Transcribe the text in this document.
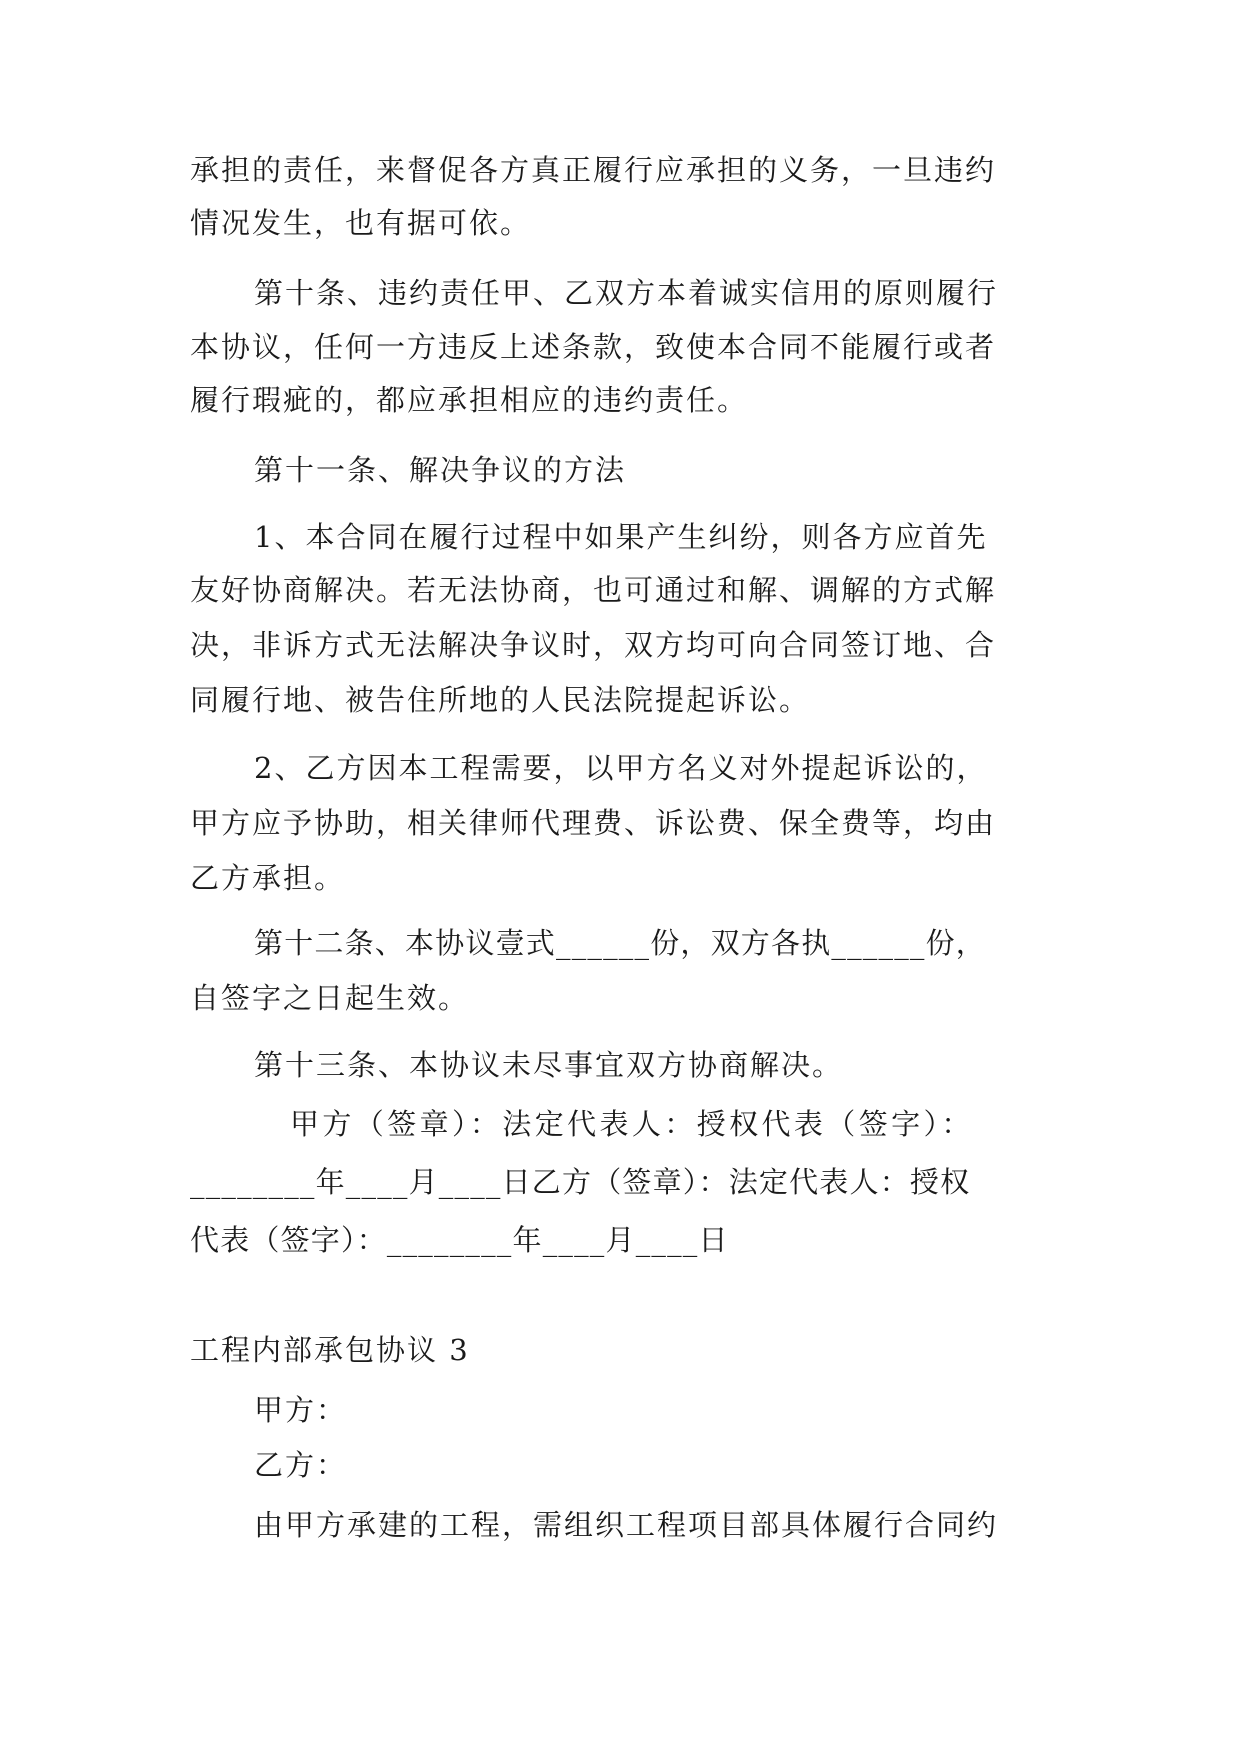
承担的责任，来督促各方真正履行应承担的义务，一旦违约
情况发生，也有据可依。
第十条、违约责任甲、乙双方本着诚实信用的原则履行
本协议，任何一方违反上述条款，致使本合同不能履行或者
履行瑕疵的，都应承担相应的违约责任。
第十一条、解决争议的方法
1、本合同在履行过程中如果产生纠纷，则各方应首先
友好协商解决。若无法协商，也可通过和解、调解的方式解
决，非诉方式无法解决争议时，双方均可向合同签订地、合
同履行地、被告住所地的人民法院提起诉讼。
2、乙方因本工程需要，以甲方名义对外提起诉讼的，
甲方应予协助，相关律师代理费、诉讼费、保全费等，均由
乙方承担。
第十二条、本协议壹式______份，双方各执______份，
自签字之日起生效。
第十三条、本协议未尽事宜双方协商解决。
甲方（签章）：法定代表人：授权代表（签字）：
________年____月____日乙方（签章）：法定代表人：授权
代表（签字）：________年____月____日
工程内部承包协议 3
甲方：
乙方：
由甲方承建的工程，需组织工程项目部具体履行合同约
